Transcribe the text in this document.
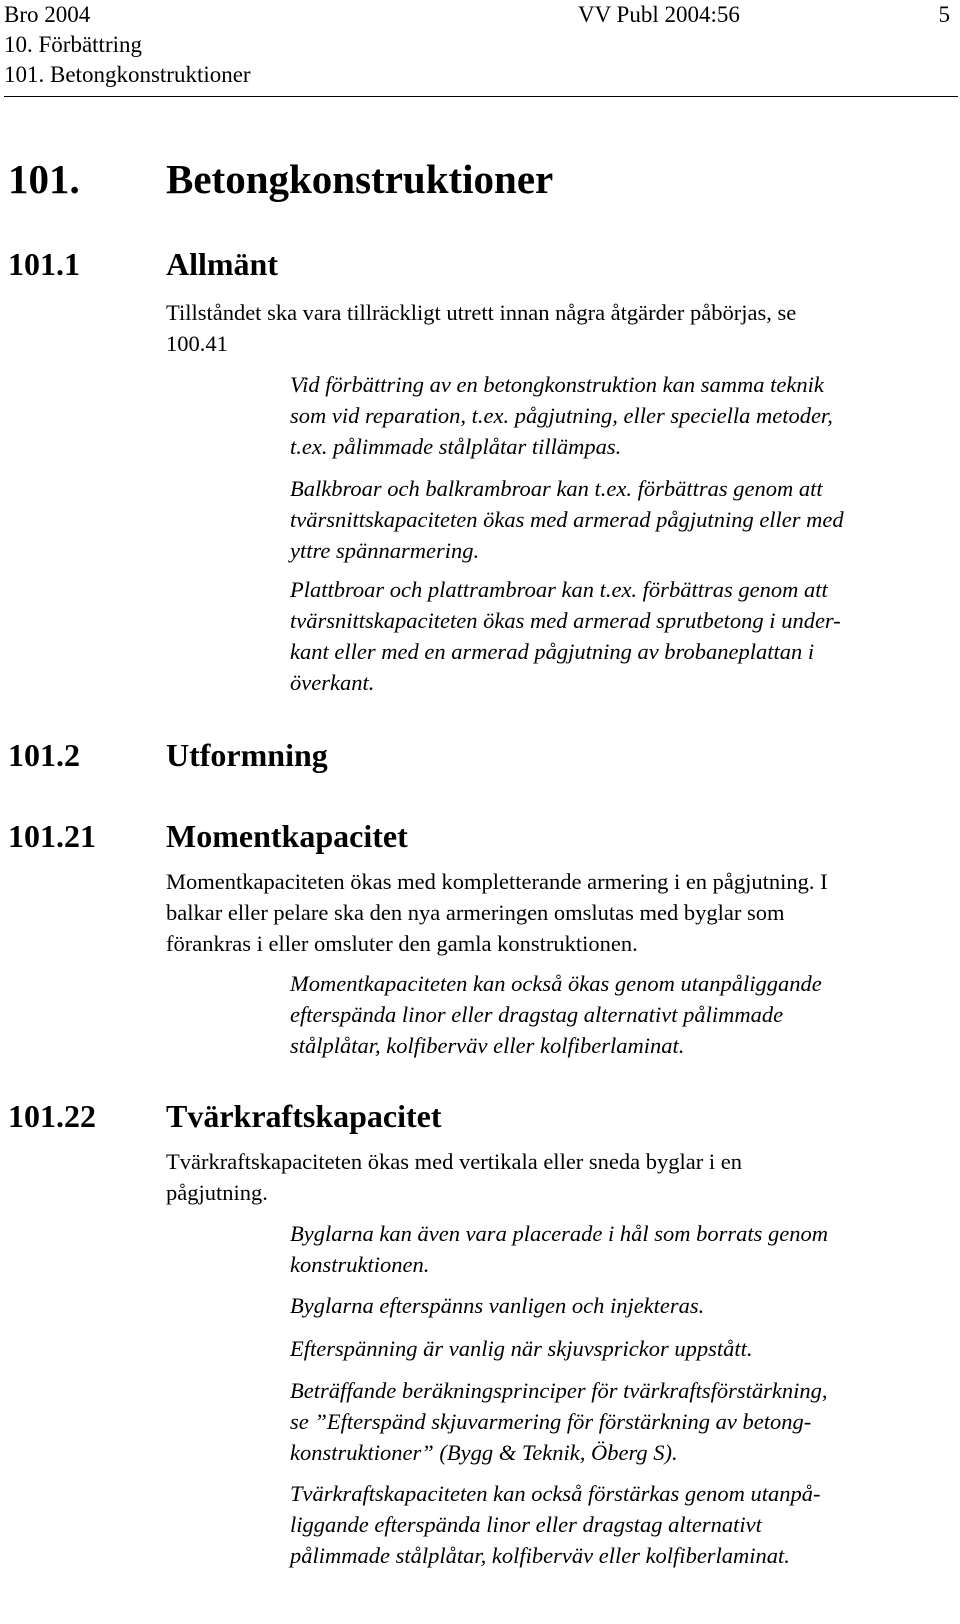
Bro 2004
10. Förbättring
101. Betongkonstruktioner
VV Publ 2004:56	5
101. Betongkonstruktioner
101.1	Allmänt

Tillståndet ska vara tillräckligt utrett innan några åtgärder påbörjas, se
100.41

Vid förbättring av en betongkonstruktion kan samma teknik
som vid reparation, t.ex. pågjutning, eller speciella metoder,
t.ex. pålimmade stålplåtar tillämpas.

Balkbroar och balkrambroar kan t.ex. förbättras genom att
tvärsnittskapaciteten ökas med armerad pågjutning eller med
yttre spännarmering.

Plattbroar och plattrambroar kan t.ex. förbättras genom att
tvärsnittskapaciteten ökas med armerad sprutbetong i under-
kant eller med en armerad pågjutning av brobaneplattan i
överkant.

101.2	Utformning
101.21 Momentkapacitet

Momentkapaciteten ökas med kompletterande armering i en pågjutning. I
balkar eller pelare ska den nya armeringen omslutas med byglar som
förankras i eller omsluter den gamla konstruktionen.

Momentkapaciteten kan också ökas genom utanpåliggande
efterspända linor eller dragstag alternativt pålimmade
stålplåtar, kolfiberväv eller kolfiberlaminat.

101.22 Tvärkraftskapacitet

Tvärkraftskapaciteten ökas med vertikala eller sneda byglar i en
pågjutning.

Byglarna kan även vara placerade i hål som borrats genom
konstruktionen.

Byglarna efterspänns vanligen och injekteras.

Efterspänning är vanlig när skjuvsprickor uppstått.

Beträffande beräkningsprinciper för tvärkraftsförstärkning,
se ”Efterspänd skjuvarmering för förstärkning av betong-
konstruktioner” (Bygg & Teknik, Öberg S).

Tvärkraftskapaciteten kan också förstärkas genom utanpå-
liggande efterspända linor eller dragstag alternativt
pålimmade stålplåtar, kolfiberväv eller kolfiberlaminat.
